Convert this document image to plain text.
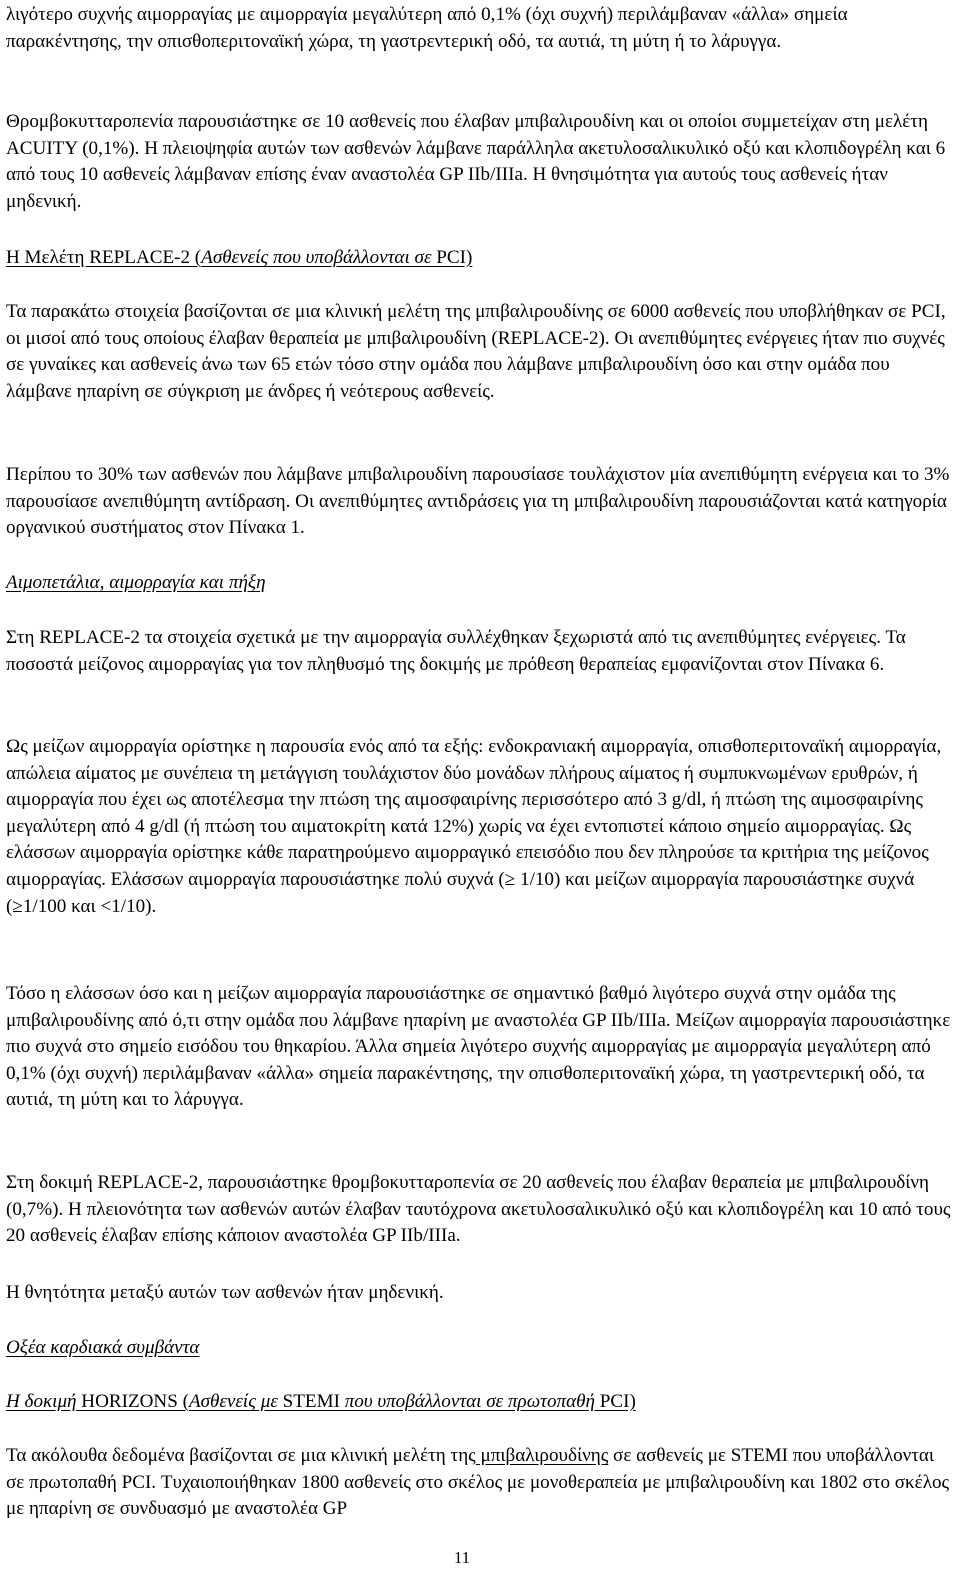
λιγότερο συχνής αιμορραγίας με αιμορραγία μεγαλύτερη από 0,1% (όχι συχνή) περιλάμβαναν «άλλα» σημεία παρακέντησης, την οπισθοπεριτοναϊκή χώρα, τη γαστρεντερική οδό, τα αυτιά, τη μύτη ή το λάρυγγα.

Θρομβοκυτταροπενία παρουσιάστηκε σε 10 ασθενείς που έλαβαν μπιβαλιρουδίνη και οι οποίοι συμμετείχαν στη μελέτη ACUITY (0,1%). Η πλειοψηφία αυτών των ασθενών λάμβανε παράλληλα ακετυλοσαλικυλικό οξύ και κλοπιδογρέλη και 6 από τους 10 ασθενείς λάμβαναν επίσης έναν αναστολέα GP IIb/IIIa. Η θνησιμότητα για αυτούς τους ασθενείς ήταν μηδενική.

Η Μελέτη REPLACE-2 (Ασθενείς που υποβάλλονται σε PCI)

Τα παρακάτω στοιχεία βασίζονται σε μια κλινική μελέτη της μπιβαλιρουδίνης σε 6000 ασθενείς που υποβλήθηκαν σε PCI, οι μισοί από τους οποίους έλαβαν θεραπεία με μπιβαλιρουδίνη (REPLACE-2). Οι ανεπιθύμητες ενέργειες ήταν πιο συχνές σε γυναίκες και ασθενείς άνω των 65 ετών τόσο στην ομάδα που λάμβανε μπιβαλιρουδίνη όσο και στην ομάδα που λάμβανε ηπαρίνη σε σύγκριση με άνδρες ή νεότερους ασθενείς.

Περίπου το 30% των ασθενών που λάμβανε μπιβαλιρουδίνη παρουσίασε τουλάχιστον μία ανεπιθύμητη ενέργεια και το 3% παρουσίασε ανεπιθύμητη αντίδραση. Οι ανεπιθύμητες αντιδράσεις για τη μπιβαλιρουδίνη παρουσιάζονται κατά κατηγορία οργανικού συστήματος στον Πίνακα 1.

Αιμοπετάλια, αιμορραγία και πήξη

Στη REPLACE-2 τα στοιχεία σχετικά με την αιμορραγία συλλέχθηκαν ξεχωριστά από τις ανεπιθύμητες ενέργειες. Τα ποσοστά μείζονος αιμορραγίας για τον πληθυσμό της δοκιμής με πρόθεση θεραπείας εμφανίζονται στον Πίνακα 6.

Ως μείζων αιμορραγία ορίστηκε η παρουσία ενός από τα εξής: ενδοκρανιακή αιμορραγία, οπισθοπεριτοναϊκή αιμορραγία, απώλεια αίματος με συνέπεια τη μετάγγιση τουλάχιστον δύο μονάδων πλήρους αίματος ή συμπυκνωμένων ερυθρών, ή αιμορραγία που έχει ως αποτέλεσμα την πτώση της αιμοσφαιρίνης περισσότερο από 3 g/dl, ή πτώση της αιμοσφαιρίνης μεγαλύτερη από 4 g/dl (ή πτώση του αιματοκρίτη κατά 12%) χωρίς να έχει εντοπιστεί κάποιο σημείο αιμορραγίας. Ως ελάσσων αιμορραγία ορίστηκε κάθε παρατηρούμενο αιμορραγικό επεισόδιο που δεν πληρούσε τα κριτήρια της μείζονος αιμορραγίας. Ελάσσων αιμορραγία παρουσιάστηκε πολύ συχνά (≥ 1/10) και μείζων αιμορραγία παρουσιάστηκε συχνά (≥1/100 και <1/10).

Τόσο η ελάσσων όσο και η μείζων αιμορραγία παρουσιάστηκε σε σημαντικό βαθμό λιγότερο συχνά στην ομάδα της μπιβαλιρουδίνης από ό,τι στην ομάδα που λάμβανε ηπαρίνη με αναστολέα GP IIb/IIIa. Μείζων αιμορραγία παρουσιάστηκε πιο συχνά στο σημείο εισόδου του θηκαρίου. Άλλα σημεία λιγότερο συχνής αιμορραγίας με αιμορραγία μεγαλύτερη από 0,1% (όχι συχνή) περιλάμβαναν «άλλα» σημεία παρακέντησης, την οπισθοπεριτοναϊκή χώρα, τη γαστρεντερική οδό, τα αυτιά, τη μύτη και το λάρυγγα.

Στη δοκιμή REPLACE-2, παρουσιάστηκε θρομβοκυτταροπενία σε 20 ασθενείς που έλαβαν θεραπεία με μπιβαλιρουδίνη (0,7%). Η πλειονότητα των ασθενών αυτών έλαβαν ταυτόχρονα ακετυλοσαλικυλικό οξύ και κλοπιδογρέλη και 10 από τους 20 ασθενείς έλαβαν επίσης κάποιον αναστολέα GP IIb/IIIa.

Η θνητότητα μεταξύ αυτών των ασθενών ήταν μηδενική.

Οξέα καρδιακά συμβάντα

Η δοκιμή HORIZONS (Ασθενείς με STEMI που υποβάλλονται σε πρωτοπαθή PCI)

Τα ακόλουθα δεδομένα βασίζονται σε μια κλινική μελέτη της μπιβαλιρουδίνης σε ασθενείς με STEMI που υποβάλλονται σε πρωτοπαθή PCI. Τυχαιοποιήθηκαν 1800 ασθενείς στο σκέλος με μονοθεραπεία με μπιβαλιρουδίνη και 1802 στο σκέλος με ηπαρίνη σε συνδυασμό με αναστολέα GP

11
